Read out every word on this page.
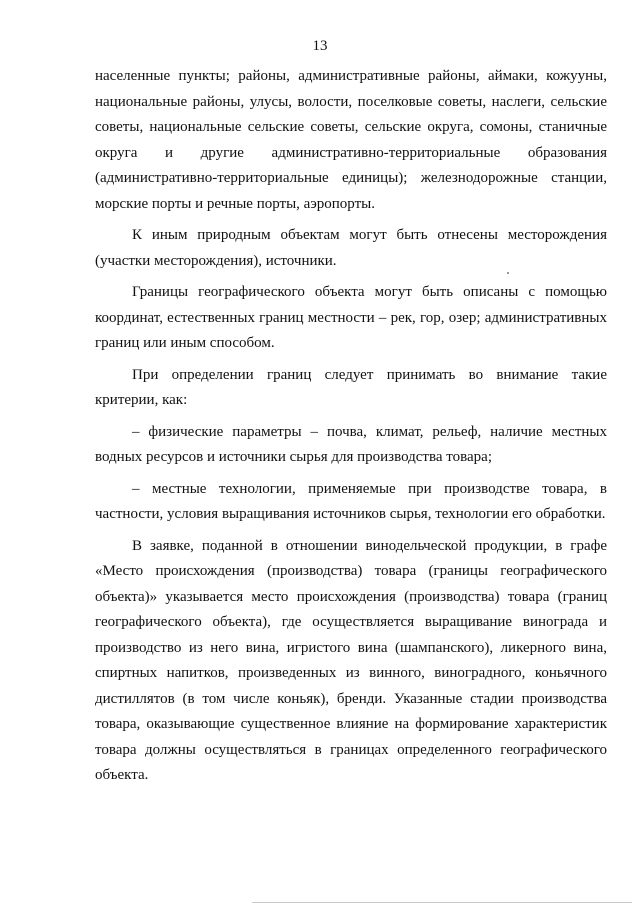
13

населенные пункты; районы, административные районы, аймаки, кожууны, национальные районы, улусы, волости, поселковые советы, наслеги, сельские советы, национальные сельские советы, сельские округа, сомоны, станичные округа и другие административно-территориальные образования (административно-территориальные единицы); железнодорожные станции, морские порты и речные порты, аэропорты.

К иным природным объектам могут быть отнесены месторождения (участки месторождения), источники.

Границы географического объекта могут быть описаны с помощью координат, естественных границ местности – рек, гор, озер; административных границ или иным способом.

При определении границ следует принимать во внимание такие критерии, как:

– физические параметры – почва, климат, рельеф, наличие местных водных ресурсов и источники сырья для производства товара;

– местные технологии, применяемые при производстве товара, в частности, условия выращивания источников сырья, технологии его обработки.

В заявке, поданной в отношении винодельческой продукции, в графе «Место происхождения (производства) товара (границы географического объекта)» указывается место происхождения (производства) товара (границ географического объекта), где осуществляется выращивание винограда и производство из него вина, игристого вина (шампанского), ликерного вина, спиртных напитков, произведенных из винного, виноградного, коньячного дистиллятов (в том числе коньяк), бренди. Указанные стадии производства товара, оказывающие существенное влияние на формирование характеристик товара должны осуществляться в границах определенного географического объекта.
